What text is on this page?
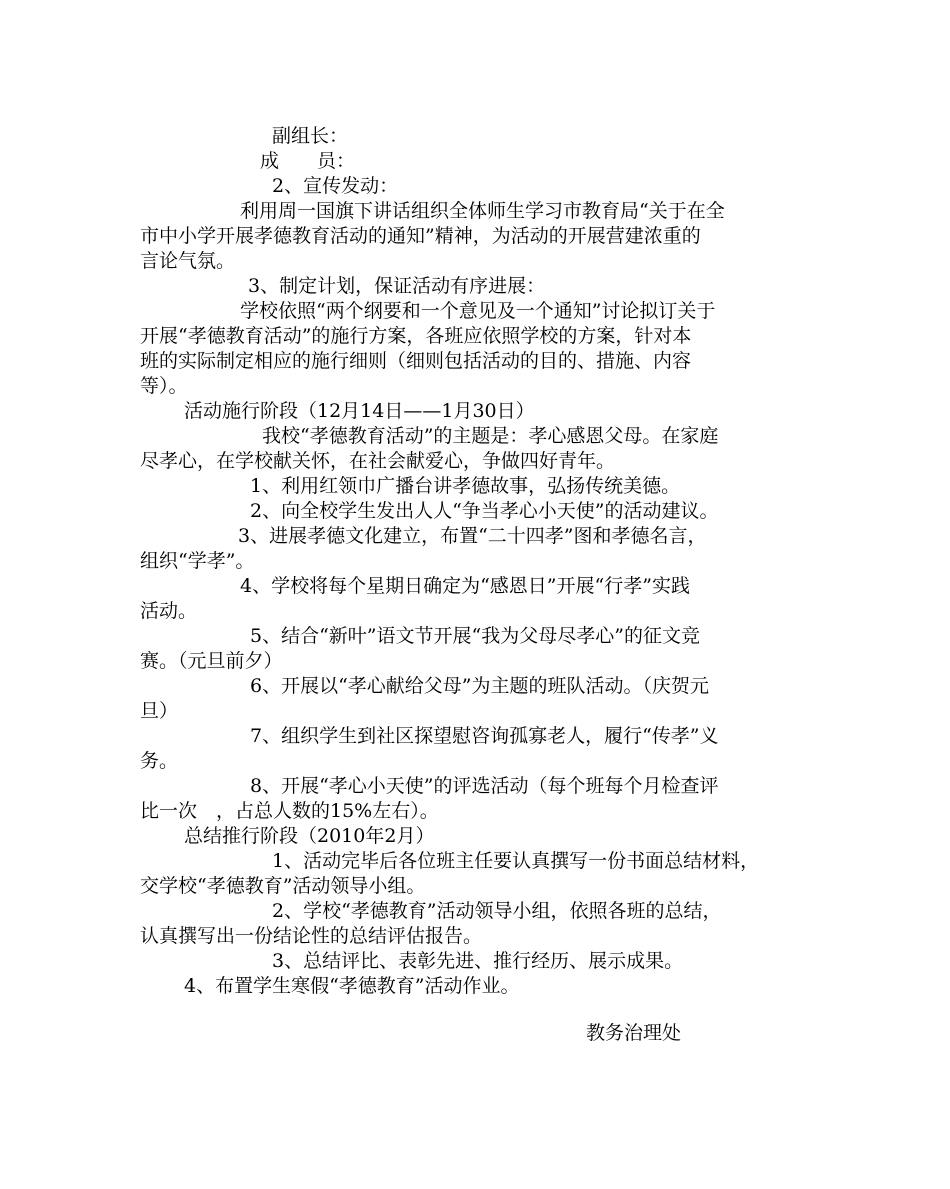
副组长：
成　　员：
2、宣传发动：
利用周一国旗下讲话组织全体师生学习市教育局“关于在全
市中小学开展孝德教育活动的通知”精神，为活动的开展营建浓重的
言论气氛。
3、制定计划，保证活动有序进展：
学校依照“两个纲要和一个意见及一个通知”讨论拟订关于
开展“孝德教育活动”的施行方案，各班应依照学校的方案，针对本
班的实际制定相应的施行细则（细则包括活动的目的、措施、内容
等）。
活动施行阶段（12月14日——1月30日）
我校“孝德教育活动”的主题是：孝心感恩父母。在家庭
尽孝心，在学校献关怀，在社会献爱心，争做四好青年。
1、利用红领巾广播台讲孝德故事，弘扬传统美德。
2、向全校学生发出人人“争当孝心小天使”的活动建议。
3、进展孝德文化建立，布置“二十四孝”图和孝德名言，
组织“学孝”。
4、学校将每个星期日确定为“感恩日”开展“行孝”实践
活动。
5、结合“新叶”语文节开展“我为父母尽孝心”的征文竞
赛。（元旦前夕）
6、开展以“孝心献给父母”为主题的班队活动。（庆贺元
旦）
7、组织学生到社区探望慰咨询孤寡老人，履行“传孝”义
务。
8、开展“孝心小天使”的评选活动（每个班每个月检查评
比一次　，占总人数的15%左右）。
总结推行阶段（2010年2月）
1、活动完毕后各位班主任要认真撰写一份书面总结材料，
交学校“孝德教育”活动领导小组。
2、学校“孝德教育”活动领导小组，依照各班的总结，
认真撰写出一份结论性的总结评估报告。
3、总结评比、表彰先进、推行经历、展示成果。
4、布置学生寒假“孝德教育”活动作业。
教务治理处
